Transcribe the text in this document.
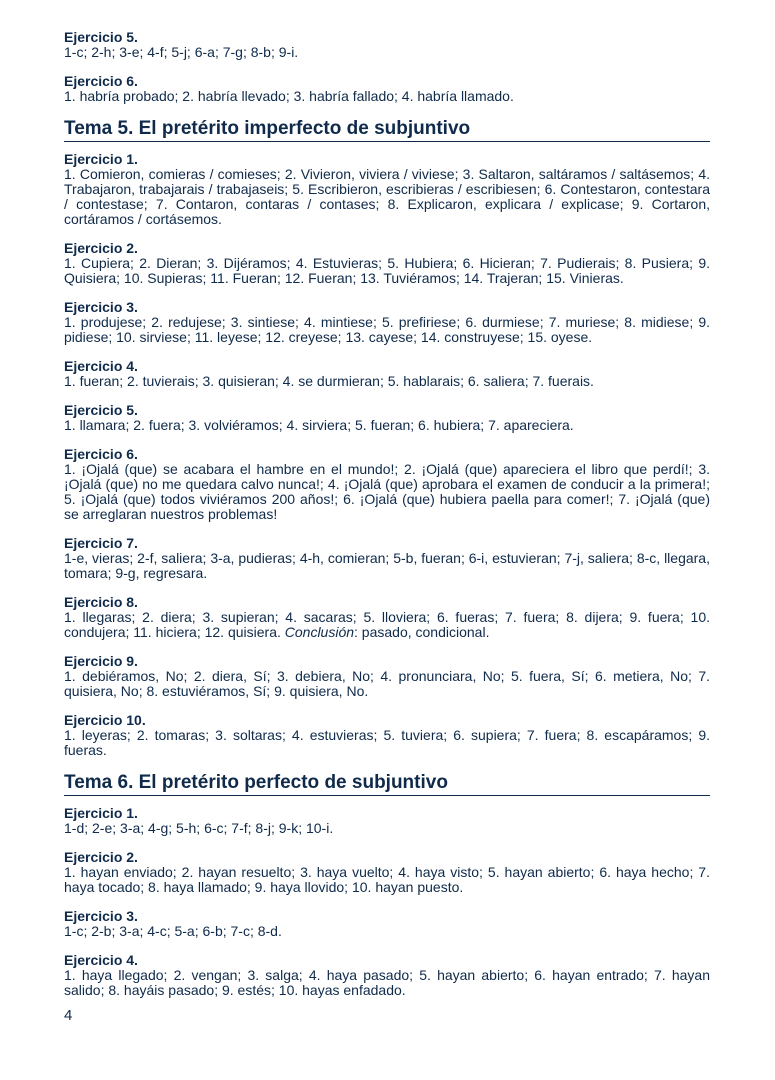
Ejercicio 5.

1-c; 2-h; 3-e; 4-f; 5-j; 6-a; 7-g; 8-b; 9-i.

Ejercicio 6.

1. habría probado; 2. habría llevado; 3. habría fallado; 4. habría llamado.

Tema 5. El pretérito imperfecto de subjuntivo

Ejercicio 1.

1. Comieron, comieras / comieses; 2. Vivieron, viviera / viviese; 3. Saltaron, saltáramos / saltásemos; 4. Trabajaron, trabajarais / trabajaseis; 5. Escribieron, escribieras / escribiesen; 6. Contestaron, contestara / contestase; 7. Contaron, contaras / contases; 8. Explicaron, explicara / explicase; 9. Cortaron, cortáramos / cortásemos.

Ejercicio 2.

1. Cupiera; 2. Dieran; 3. Dijéramos; 4. Estuvieras; 5. Hubiera; 6. Hicieran; 7. Pudierais; 8. Pusiera; 9. Quisiera; 10. Supieras; 11. Fueran; 12. Fueran; 13. Tuviéramos; 14. Trajeran; 15. Vinieras.

Ejercicio 3.

1. produjese; 2. redujese; 3. sintiese; 4. mintiese; 5. prefiriese; 6. durmiese; 7. muriese; 8. midiese; 9. pidiese; 10. sirviese; 11. leyese; 12. creyese; 13. cayese; 14. construyese; 15. oyese.

Ejercicio 4.

1. fueran; 2. tuvierais; 3. quisieran; 4. se durmieran; 5. hablarais; 6. saliera; 7. fuerais.

Ejercicio 5.

1. llamara; 2. fuera; 3. volviéramos; 4. sirviera; 5. fueran; 6. hubiera; 7. apareciera.

Ejercicio 6.

1. ¡Ojalá (que) se acabara el hambre en el mundo!; 2. ¡Ojalá (que) apareciera el libro que perdí!; 3. ¡Ojalá (que) no me quedara calvo nunca!; 4. ¡Ojalá (que) aprobara el examen de conducir a la primera!; 5. ¡Ojalá (que) todos viviéramos 200 años!; 6. ¡Ojalá (que) hubiera paella para comer!; 7. ¡Ojalá (que) se arreglaran nuestros problemas!

Ejercicio 7.

1-e, vieras; 2-f, saliera; 3-a, pudieras; 4-h, comieran; 5-b, fueran; 6-i, estuvieran; 7-j, saliera; 8-c, llegara, tomara; 9-g, regresara.

Ejercicio 8.

1. llegaras; 2. diera; 3. supieran; 4. sacaras; 5. lloviera; 6. fueras; 7. fuera; 8. dijera; 9. fuera; 10. condujera; 11. hiciera; 12. quisiera. Conclusión: pasado, condicional.

Ejercicio 9.

1. debiéramos, No; 2. diera, Sí; 3. debiera, No; 4. pronunciara, No; 5. fuera, Sí; 6. metiera, No; 7. quisiera, No; 8. estuviéramos, Sí; 9. quisiera, No.

Ejercicio 10.

1. leyeras; 2. tomaras; 3. soltaras; 4. estuvieras; 5. tuviera; 6. supiera; 7. fuera; 8. escapáramos; 9. fueras.

Tema 6. El pretérito perfecto de subjuntivo

Ejercicio 1.

1-d; 2-e; 3-a; 4-g; 5-h; 6-c; 7-f; 8-j; 9-k; 10-i.

Ejercicio 2.

1. hayan enviado; 2. hayan resuelto; 3. haya vuelto; 4. haya visto; 5. hayan abierto; 6. haya hecho; 7. haya tocado; 8. haya llamado; 9. haya llovido; 10. hayan puesto.

Ejercicio 3.

1-c; 2-b; 3-a; 4-c; 5-a; 6-b; 7-c; 8-d.

Ejercicio 4.

1. haya llegado; 2. vengan; 3. salga; 4. haya pasado; 5. hayan abierto; 6. hayan entrado; 7. hayan salido; 8. hayáis pasado; 9. estés; 10. hayas enfadado.

4
